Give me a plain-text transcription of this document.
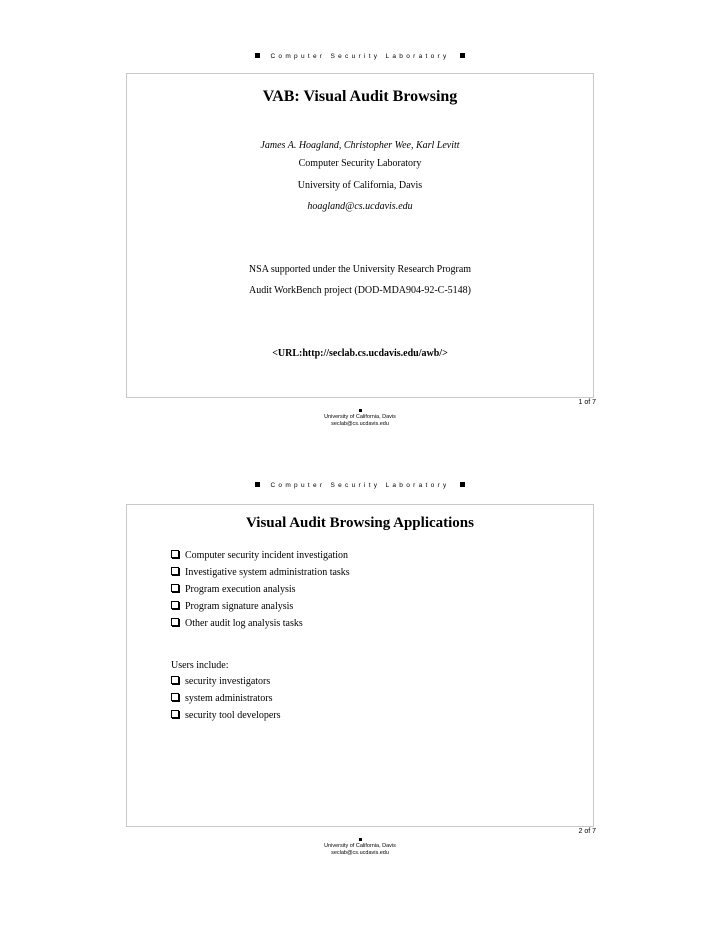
Computer Security Laboratory
VAB: Visual Audit Browsing
James A. Hoagland, Christopher Wee, Karl Levitt
Computer Security Laboratory
University of California, Davis
hoagland@cs.ucdavis.edu
NSA supported under the University Research Program
Audit WorkBench project (DOD-MDA904-92-C-5148)
<URL:http://seclab.cs.ucdavis.edu/awb/>
1 of 7
University of California, Davis
seclab@cs.ucdavis.edu
Computer Security Laboratory
Visual Audit Browsing Applications
Computer security incident investigation
Investigative system administration tasks
Program execution analysis
Program signature analysis
Other audit log analysis tasks
Users include:
security investigators
system administrators
security tool developers
2 of 7
University of California, Davis
seclab@cs.ucdavis.edu
